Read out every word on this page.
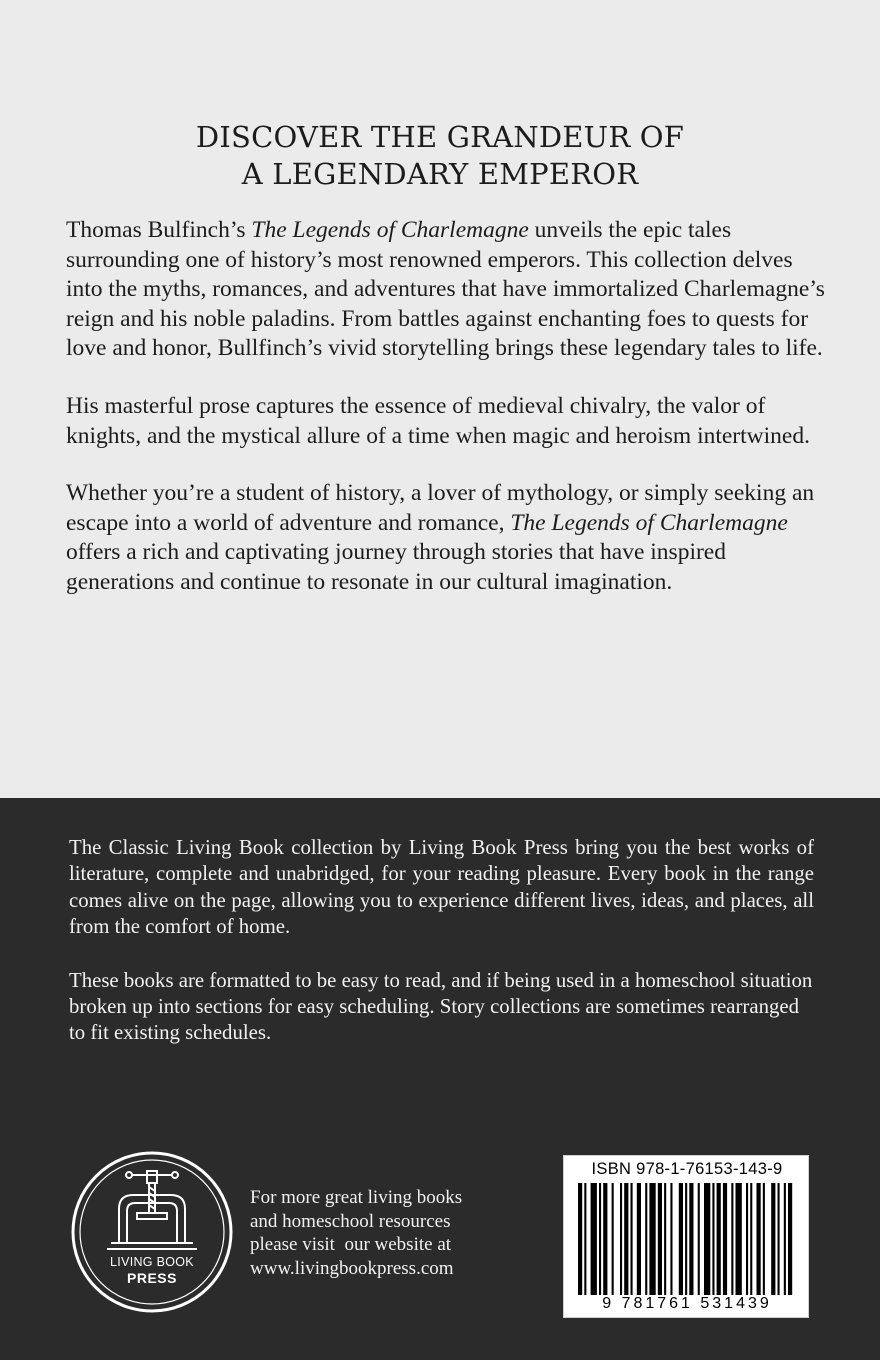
DISCOVER THE GRANDEUR OF
A LEGENDARY EMPEROR

Thomas Bulfinch’s The Legends of Charlemagne unveils the epic tales surrounding one of history’s most renowned emperors. This collection delves into the myths, romances, and adventures that have immortalized Charlemagne’s reign and his noble paladins. From battles against enchanting foes to quests for love and honor, Bullfinch’s vivid storytelling brings these legendary tales to life.

His masterful prose captures the essence of medieval chivalry, the valor of knights, and the mystical allure of a time when magic and heroism intertwined.

Whether you’re a student of history, a lover of mythology, or simply seeking an escape into a world of adventure and romance, The Legends of Charlemagne offers a rich and captivating journey through stories that have inspired generations and continue to resonate in our cultural imagination.

The Classic Living Book collection by Living Book Press bring you the best works of literature, complete and unabridged, for your reading pleasure. Every book in the range comes alive on the page, allowing you to experience different lives, ideas, and places, all from the comfort of home.

These books are formatted to be easy to read, and if being used in a homeschool situation broken up into sections for easy scheduling. Story collections are sometimes rearranged to fit existing schedules.

LIVING BOOK
PRESS
For more great living books
and homeschool resources
please visit  our website at
www.livingbookpress.com
ISBN 978-1-76153-143-9
9 781761 531439
